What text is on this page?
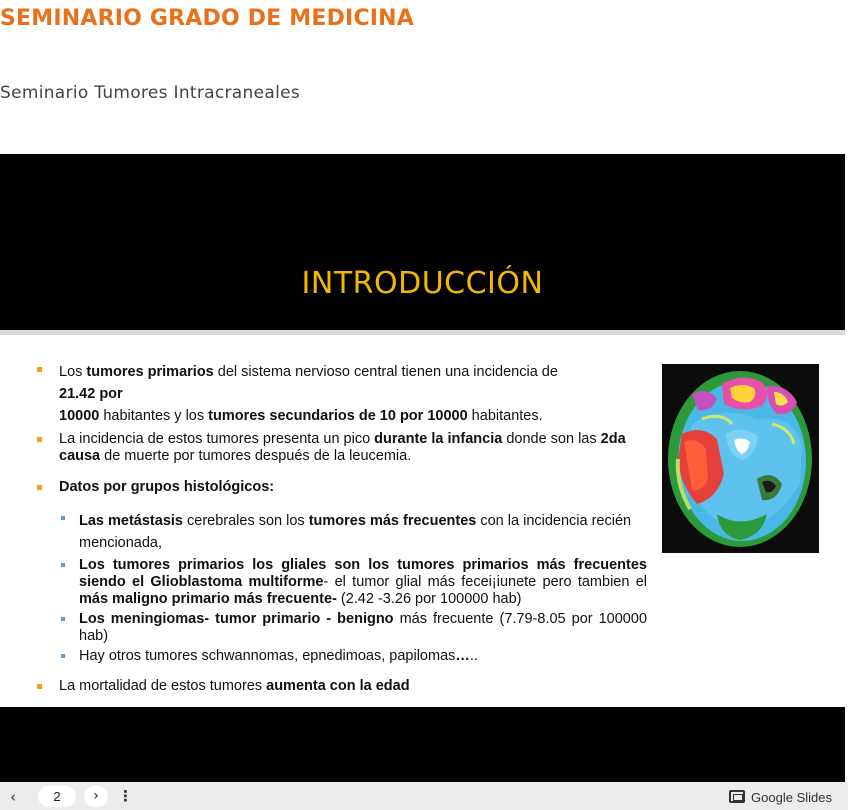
SEMINARIO GRADO DE MEDICINA
Seminario Tumores Intracraneales
INTRODUCCIÓN
Los tumores primarios del sistema nervioso central tienen una incidencia de
21.42 por
10000 habitantes y los tumores secundarios de 10 por 10000 habitantes.
La incidencia de estos tumores presenta un pico durante la infancia donde son las 2da causa de muerte por tumores después de la leucemia.
Datos por grupos histológicos:
Las metástasis cerebrales son los tumores más frecuentes con la incidencia recién
mencionada,
Los tumores primarios los gliales son los tumores primarios más frecuentes siendo el Glioblastoma multiforme- el tumor glial más fecei¡iunete pero tambien el más maligno primario más frecuente- (2.42 -3.26 por 100000 hab)
Los meningiomas- tumor primario - benigno más frecuente (7.79-8.05 por 100000 hab)
Hay otros tumores schwannomas, epnedimoas, papilomas…..
La mortalidad de estos tumores aumenta con la edad
‹	2	›	⋮	Google Slides
